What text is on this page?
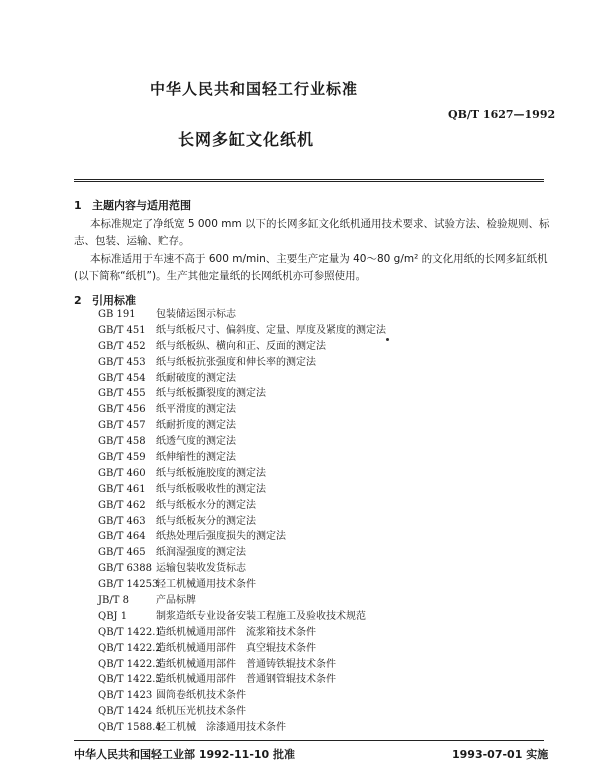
中华人民共和国轻工行业标准
QB/T 1627—1992
长网多缸文化纸机
1 主题内容与适用范围
本标准规定了净纸宽 5 000 mm 以下的长网多缸文化纸机通用技术要求、试验方法、检验规则、标
志、包装、运输、贮存。
本标准适用于车速不高于 600 m/min、主要生产定量为 40～80 g/m² 的文化用纸的长网多缸纸机
(以下简称“纸机”)。生产其他定量纸的长网纸机亦可参照使用。
2 引用标准
GB 191 包装储运图示标志
GB/T 451 纸与纸板尺寸、偏斜度、定量、厚度及紧度的测定法
GB/T 452 纸与纸板纵、横向和正、反面的测定法
GB/T 453 纸与纸板抗张强度和伸长率的测定法
GB/T 454 纸耐破度的测定法
GB/T 455 纸与纸板撕裂度的测定法
GB/T 456 纸平滑度的测定法
GB/T 457 纸耐折度的测定法
GB/T 458 纸透气度的测定法
GB/T 459 纸伸缩性的测定法
GB/T 460 纸与纸板施胶度的测定法
GB/T 461 纸与纸板吸收性的测定法
GB/T 462 纸与纸板水分的测定法
GB/T 463 纸与纸板灰分的测定法
GB/T 464 纸热处理后强度损失的测定法
GB/T 465 纸润湿强度的测定法
GB/T 6388 运输包装收发货标志
GB/T 14253轻工机械通用技术条件
JB/T 8	产品标牌
QBJ 1	制浆造纸专业设备安装工程施工及验收技术规范
QB/T 1422.1造纸机械通用部件　流浆箱技术条件
QB/T 1422.2造纸机械通用部件　真空辊技术条件
QB/T 1422.3造纸机械通用部件　普通铸铁辊技术条件
QB/T 1422.5造纸机械通用部件　普通钢管辊技术条件
QB/T 1423 圆筒卷纸机技术条件
QB/T 1424 纸机压光机技术条件
QB/T 1588.4轻工机械　涂漆通用技术条件
中华人民共和国轻工业部 1992-11-10 批准	1993-07-01 实施
